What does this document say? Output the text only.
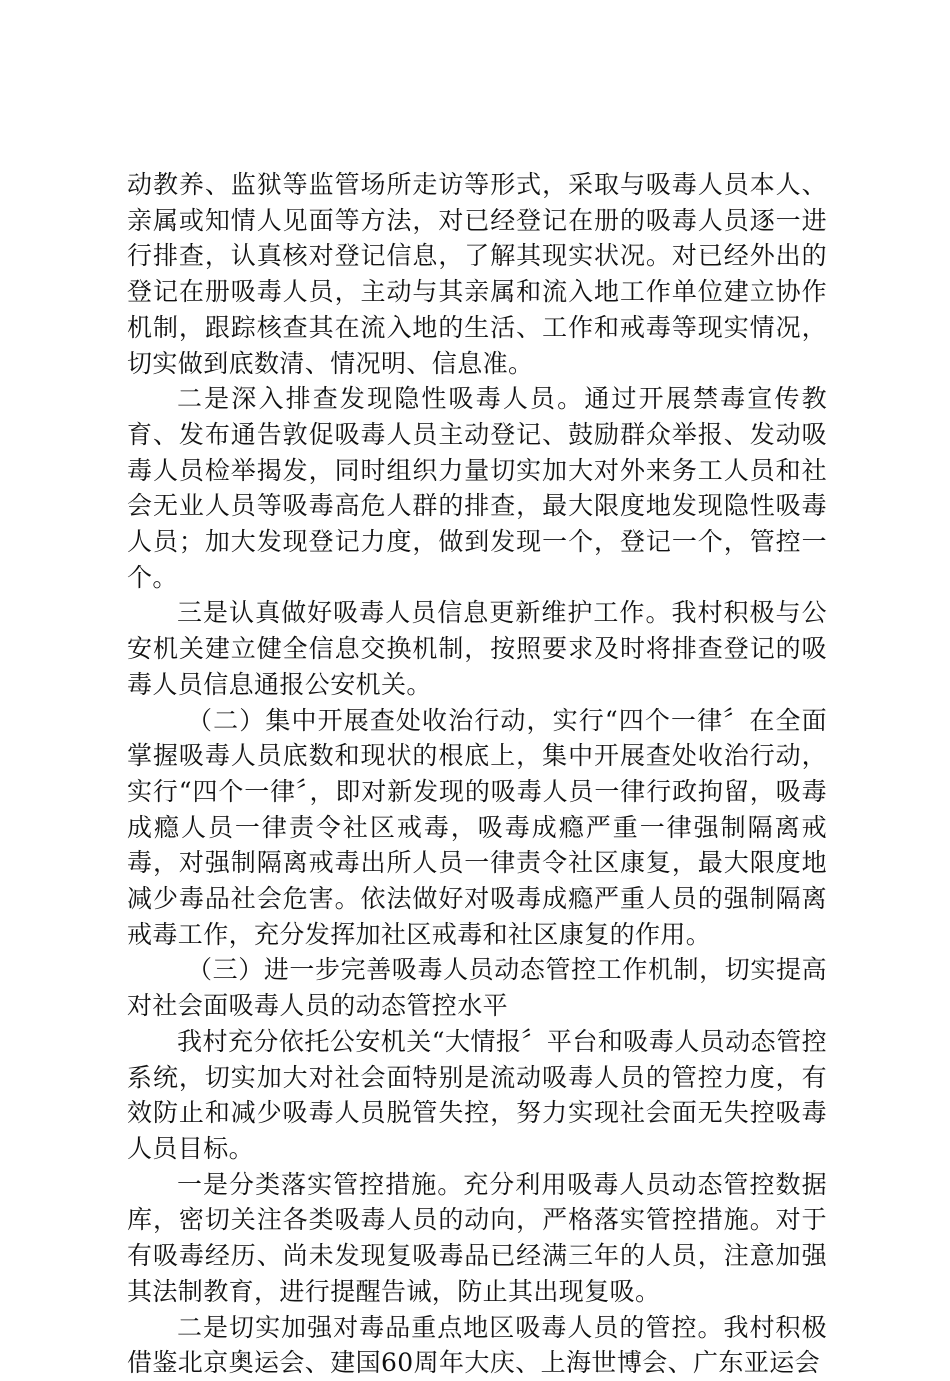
动教养、监狱等监管场所走访等形式，采取与吸毒人员本人、亲属或知情人见面等方法，对已经登记在册的吸毒人员逐一进行排查，认真核对登记信息，了解其现实状况。对已经外出的登记在册吸毒人员，主动与其亲属和流入地工作单位建立协作机制，跟踪核查其在流入地的生活、工作和戒毒等现实情况，切实做到底数清、情况明、信息准。

二是深入排查发现隐性吸毒人员。通过开展禁毒宣传教育、发布通告敦促吸毒人员主动登记、鼓励群众举报、发动吸毒人员检举揭发，同时组织力量切实加大对外来务工人员和社会无业人员等吸毒高危人群的排查，最大限度地发现隐性吸毒人员；加大发现登记力度，做到发现一个，登记一个，管控一个。

三是认真做好吸毒人员信息更新维护工作。我村积极与公安机关建立健全信息交换机制，按照要求及时将排查登记的吸毒人员信息通报公安机关。

（二）集中开展查处收治行动，实行“四个一律〞在全面掌握吸毒人员底数和现状的根底上，集中开展查处收治行动，实行“四个一律〞，即对新发现的吸毒人员一律行政拘留，吸毒成瘾人员一律责令社区戒毒，吸毒成瘾严重一律强制隔离戒毒，对强制隔离戒毒出所人员一律责令社区康复，最大限度地减少毒品社会危害。依法做好对吸毒成瘾严重人员的强制隔离戒毒工作，充分发挥加社区戒毒和社区康复的作用。

（三）进一步完善吸毒人员动态管控工作机制，切实提高对社会面吸毒人员的动态管控水平

我村充分依托公安机关“大情报〞平台和吸毒人员动态管控系统，切实加大对社会面特别是流动吸毒人员的管控力度，有效防止和减少吸毒人员脱管失控，努力实现社会面无失控吸毒人员目标。

一是分类落实管控措施。充分利用吸毒人员动态管控数据库，密切关注各类吸毒人员的动向，严格落实管控措施。对于有吸毒经历、尚未发现复吸毒品已经满三年的人员，注意加强其法制教育，进行提醒告诫，防止其出现复吸。

二是切实加强对毒品重点地区吸毒人员的管控。我村积极借鉴北京奥运会、建国60周年大庆、上海世博会、广东亚运会
